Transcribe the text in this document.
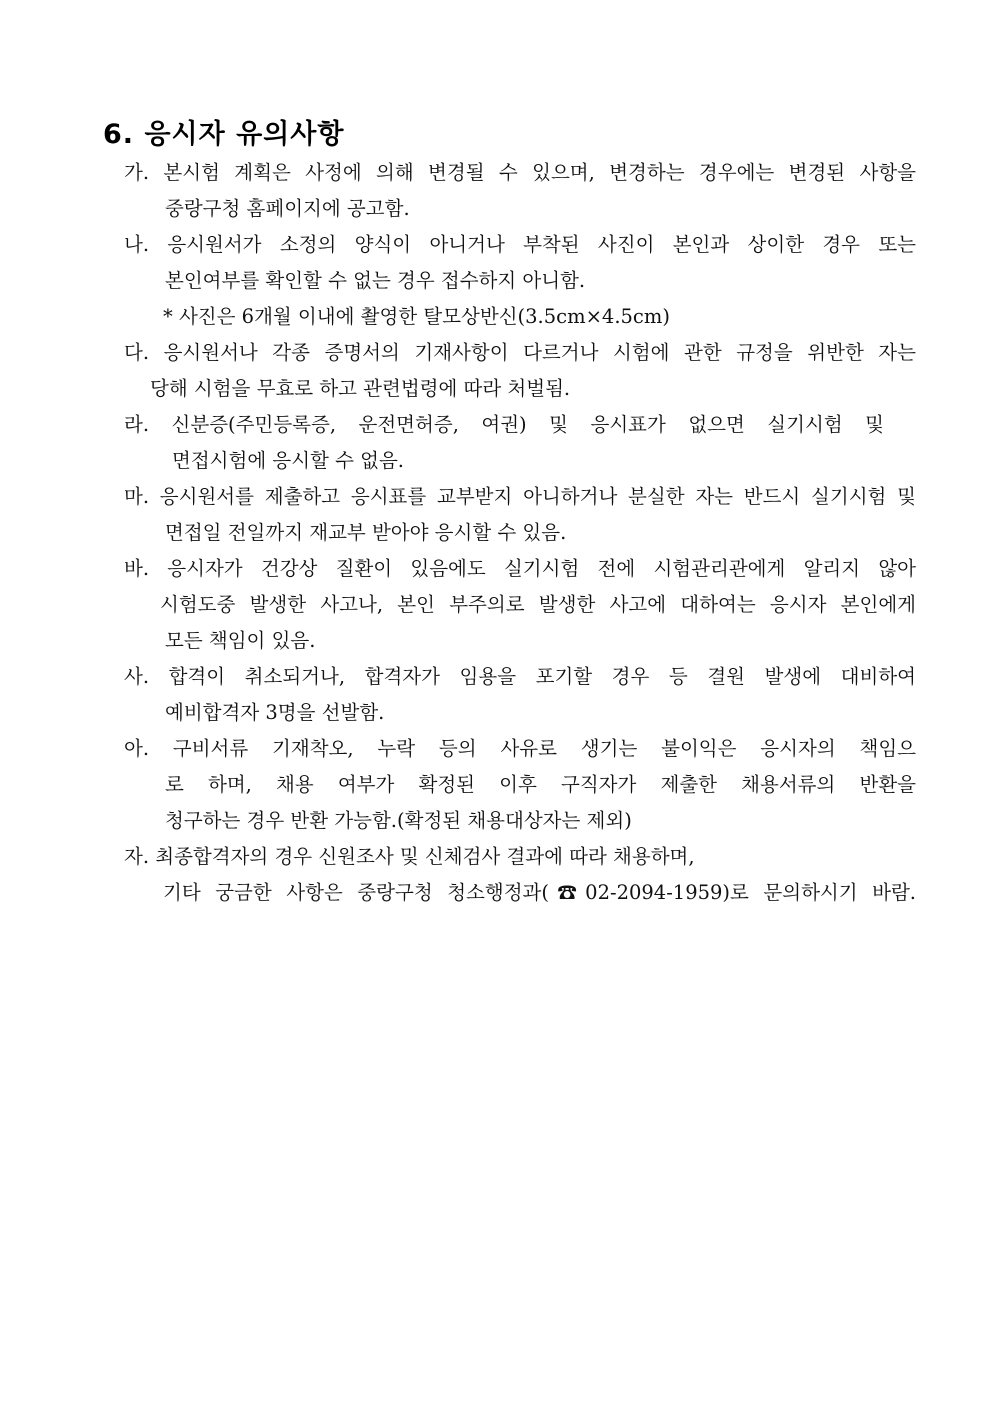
6. 응시자 유의사항
가. 본시험 계획은 사정에 의해 변경될 수 있으며, 변경하는 경우에는 변경된 사항을
중랑구청 홈페이지에 공고함.
나. 응시원서가 소정의 양식이 아니거나 부착된 사진이 본인과 상이한 경우 또는
본인여부를 확인할 수 없는 경우 접수하지 아니함.
* 사진은 6개월 이내에 촬영한 탈모상반신(3.5cm×4.5cm)
다. 응시원서나 각종 증명서의 기재사항이 다르거나 시험에 관한 규정을 위반한 자는
당해 시험을 무효로 하고 관련법령에 따라 처벌됨.
라. 신분증(주민등록증, 운전면허증, 여권) 및 응시표가 없으면 실기시험 및
면접시험에 응시할 수 없음.
마. 응시원서를 제출하고 응시표를 교부받지 아니하거나 분실한 자는 반드시 실기시험 및
면접일 전일까지 재교부 받아야 응시할 수 있음.
바. 응시자가 건강상 질환이 있음에도 실기시험 전에 시험관리관에게 알리지 않아
시험도중 발생한 사고나, 본인 부주의로 발생한 사고에 대하여는 응시자 본인에게
모든 책임이 있음.
사. 합격이 취소되거나, 합격자가 임용을 포기할 경우 등 결원 발생에 대비하여
예비합격자 3명을 선발함.
아. 구비서류 기재착오, 누락 등의 사유로 생기는 불이익은 응시자의 책임으
로 하며, 채용 여부가 확정된 이후 구직자가 제출한 채용서류의 반환을
청구하는 경우 반환 가능함.(확정된 채용대상자는 제외)
자. 최종합격자의 경우 신원조사 및 신체검사 결과에 따라 채용하며,
기타 궁금한 사항은 중랑구청 청소행정과(☎02-2094-1959)로 문의하시기 바람.
